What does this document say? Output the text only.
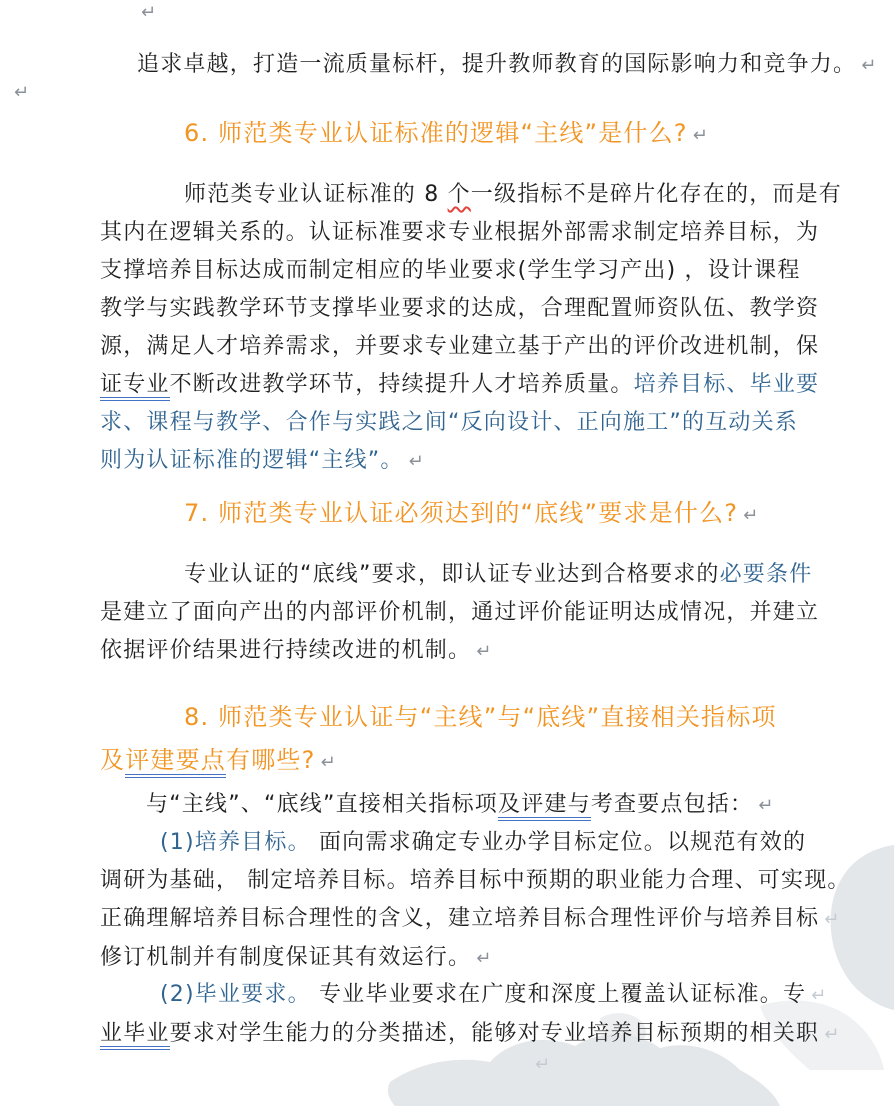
↵
追求卓越，打造一流质量标杆，提升教师教育的国际影响力和竞争力。 ↵
↵
6. 师范类专业认证标准的逻辑“主线”是什么? ↵
师范类专业认证标准的 8 个一级指标不是碎片化存在的，而是有
其内在逻辑关系的。认证标准要求专业根据外部需求制定培养目标，为
支撑培养目标达成而制定相应的毕业要求(学生学习产出) ，设计课程
教学与实践教学环节支撑毕业要求的达成，合理配置师资队伍、教学资
源，满足人才培养需求，并要求专业建立基于产出的评价改进机制，保
证专业不断改进教学环节，持续提升人才培养质量。培养目标、毕业要
求、课程与教学、合作与实践之间“反向设计、正向施工”的互动关系
则为认证标准的逻辑“主线”。 ↵
7. 师范类专业认证必须达到的“底线”要求是什么? ↵
专业认证的“底线”要求，即认证专业达到合格要求的必要条件
是建立了面向产出的内部评价机制，通过评价能证明达成情况，并建立
依据评价结果进行持续改进的机制。 ↵
8. 师范类专业认证与“主线”与“底线”直接相关指标项
及评建要点有哪些? ↵
与“主线”、“底线”直接相关指标项及评建与考查要点包括： ↵
(1)培养目标。 面向需求确定专业办学目标定位。以规范有效的
调研为基础， 制定培养目标。培养目标中预期的职业能力合理、可实现。
正确理解培养目标合理性的含义，建立培养目标合理性评价与培养目标 ↵
修订机制并有制度保证其有效运行。 ↵
(2)毕业要求。 专业毕业要求在广度和深度上覆盖认证标准。专 ↵
业毕业要求对学生能力的分类描述，能够对专业培养目标预期的相关职 ↵
↵
